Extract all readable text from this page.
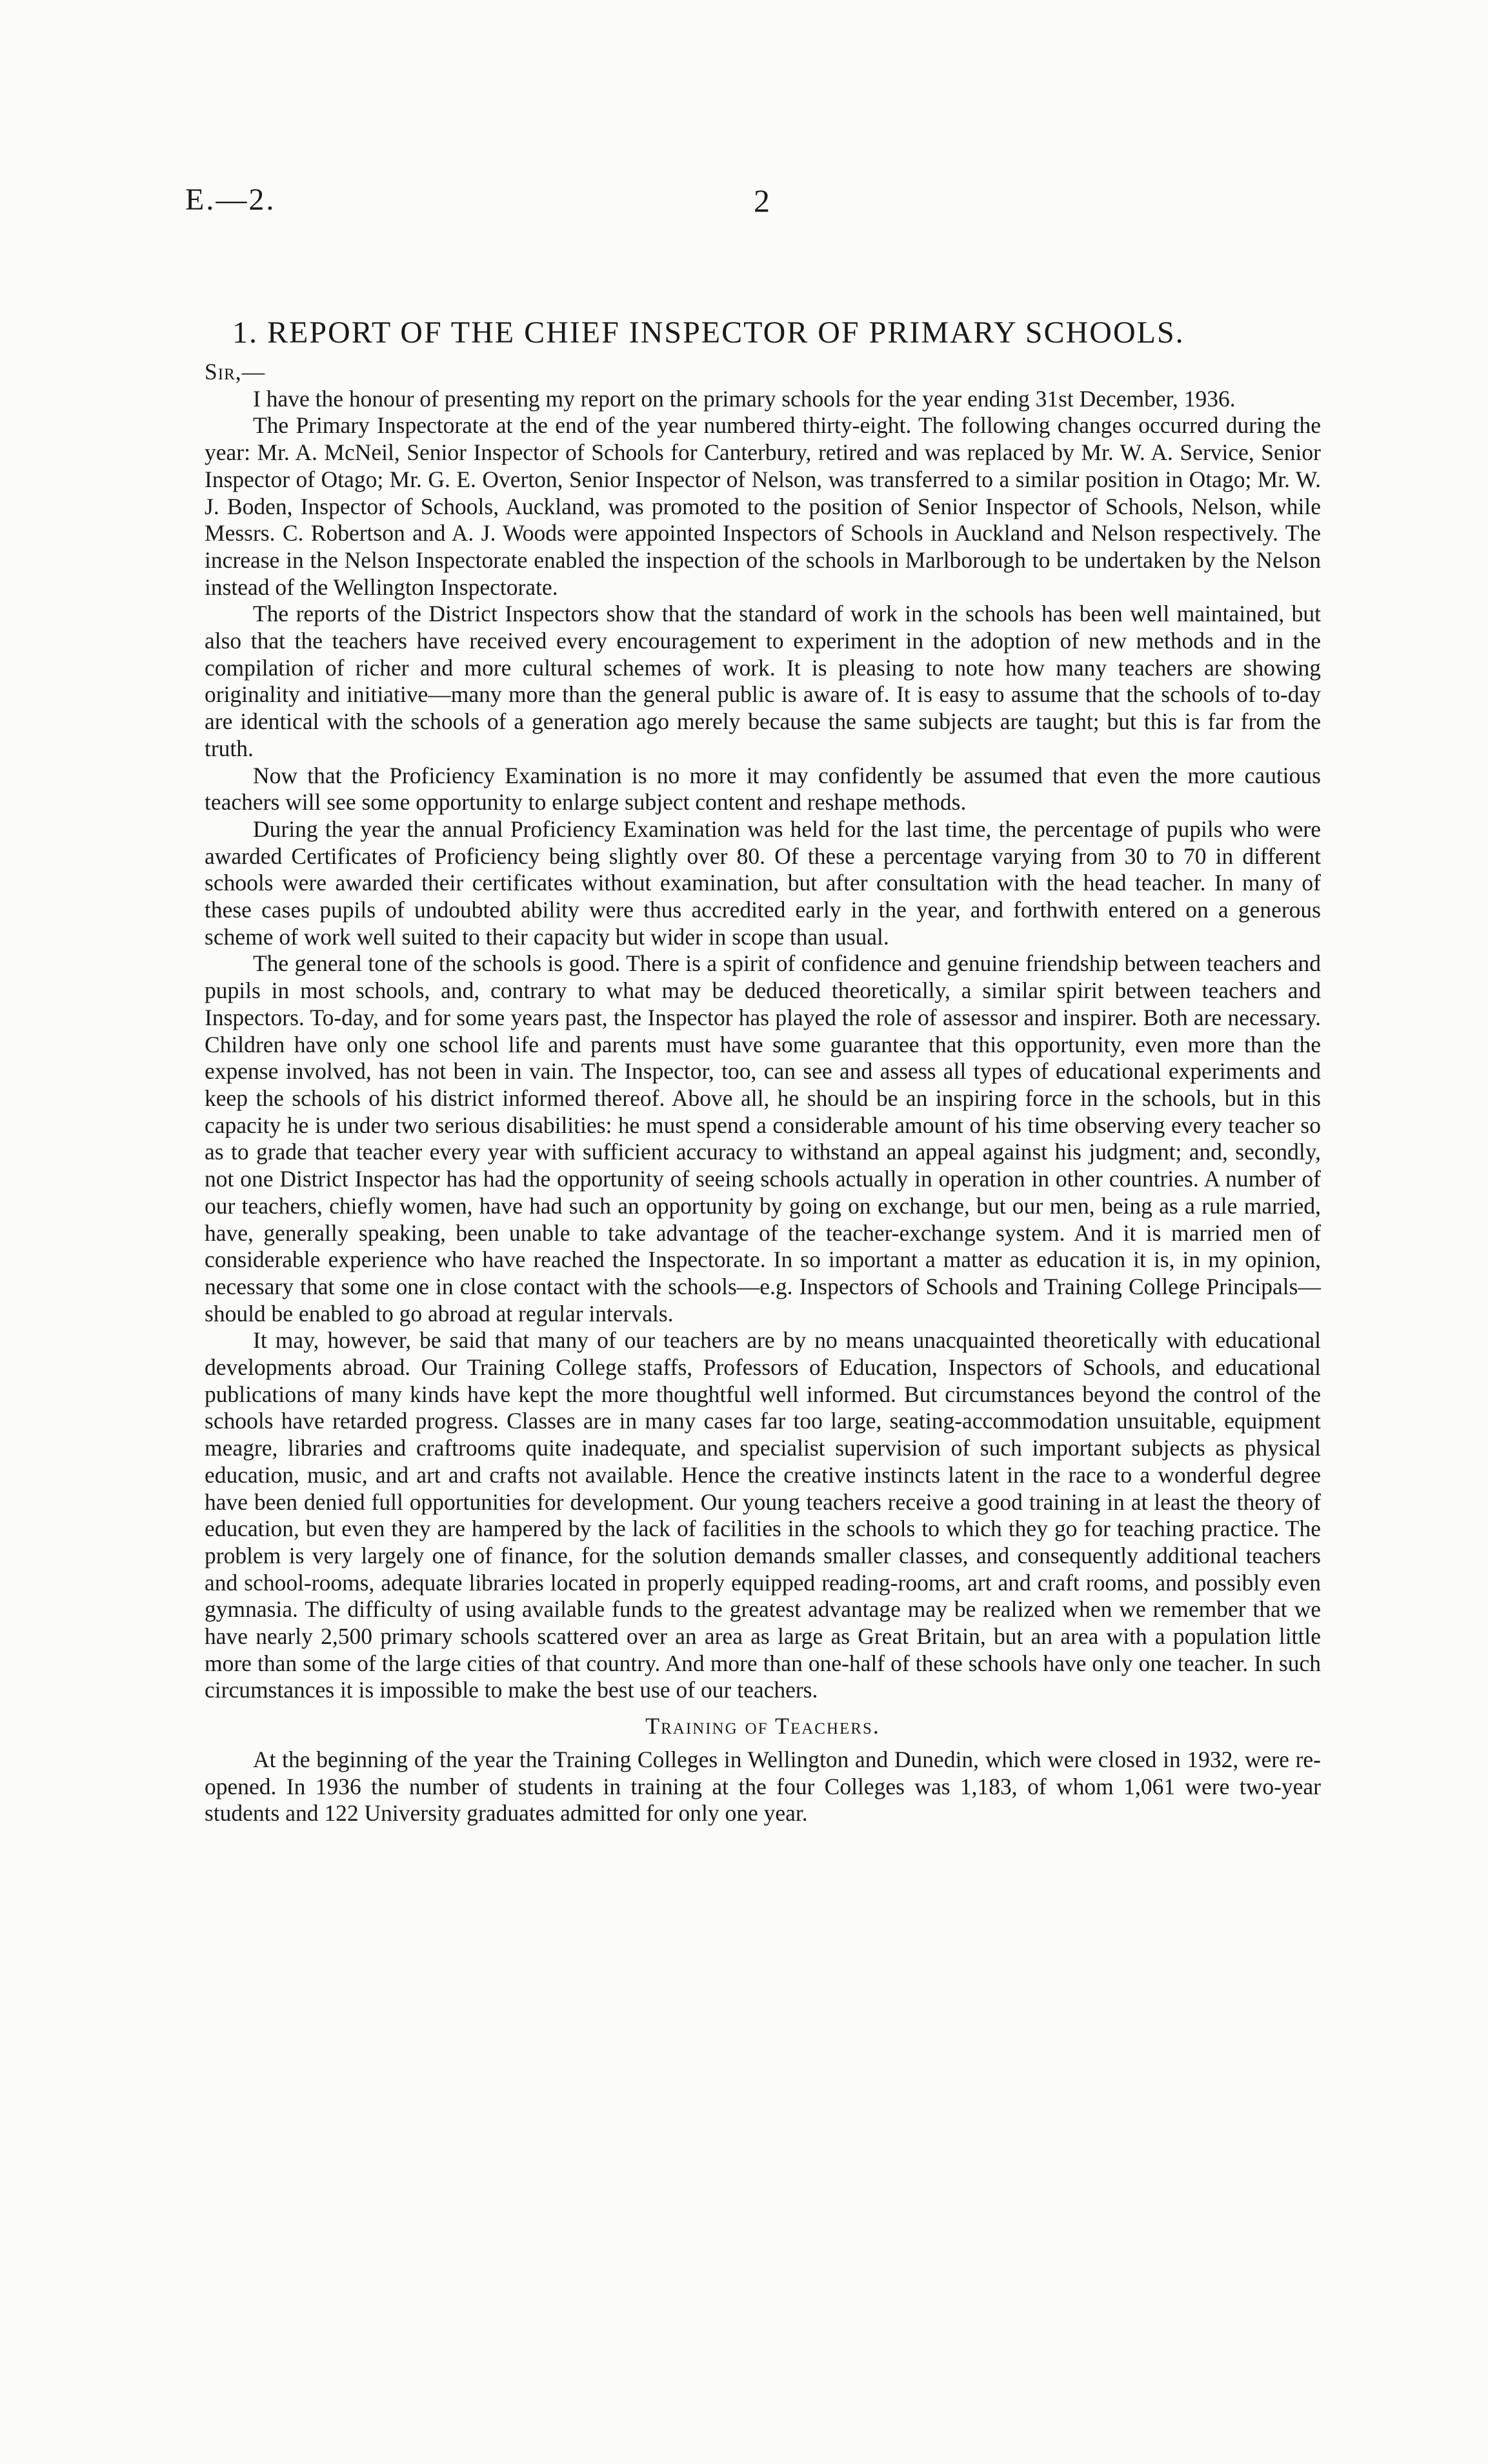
E.—2.	2
1. REPORT OF THE CHIEF INSPECTOR OF PRIMARY SCHOOLS.
Sir,—

I have the honour of presenting my report on the primary schools for the year ending 31st December, 1936.

The Primary Inspectorate at the end of the year numbered thirty-eight. The following changes occurred during the year: Mr. A. McNeil, Senior Inspector of Schools for Canterbury, retired and was replaced by Mr. W. A. Service, Senior Inspector of Otago; Mr. G. E. Overton, Senior Inspector of Nelson, was transferred to a similar position in Otago; Mr. W. J. Boden, Inspector of Schools, Auckland, was promoted to the position of Senior Inspector of Schools, Nelson, while Messrs. C. Robertson and A. J. Woods were appointed Inspectors of Schools in Auckland and Nelson respectively. The increase in the Nelson Inspectorate enabled the inspection of the schools in Marlborough to be undertaken by the Nelson instead of the Wellington Inspectorate.

The reports of the District Inspectors show that the standard of work in the schools has been well maintained, but also that the teachers have received every encouragement to experiment in the adoption of new methods and in the compilation of richer and more cultural schemes of work. It is pleasing to note how many teachers are showing originality and initiative—many more than the general public is aware of. It is easy to assume that the schools of to-day are identical with the schools of a generation ago merely because the same subjects are taught; but this is far from the truth.

Now that the Proficiency Examination is no more it may confidently be assumed that even the more cautious teachers will see some opportunity to enlarge subject content and reshape methods.

During the year the annual Proficiency Examination was held for the last time, the percentage of pupils who were awarded Certificates of Proficiency being slightly over 80. Of these a percentage varying from 30 to 70 in different schools were awarded their certificates without examination, but after consultation with the head teacher. In many of these cases pupils of undoubted ability were thus accredited early in the year, and forthwith entered on a generous scheme of work well suited to their capacity but wider in scope than usual.

The general tone of the schools is good. There is a spirit of confidence and genuine friendship between teachers and pupils in most schools, and, contrary to what may be deduced theoretically, a similar spirit between teachers and Inspectors. To-day, and for some years past, the Inspector has played the role of assessor and inspirer. Both are necessary. Children have only one school life and parents must have some guarantee that this opportunity, even more than the expense involved, has not been in vain. The Inspector, too, can see and assess all types of educational experiments and keep the schools of his district informed thereof. Above all, he should be an inspiring force in the schools, but in this capacity he is under two serious disabilities: he must spend a considerable amount of his time observing every teacher so as to grade that teacher every year with sufficient accuracy to withstand an appeal against his judgment; and, secondly, not one District Inspector has had the opportunity of seeing schools actually in operation in other countries. A number of our teachers, chiefly women, have had such an opportunity by going on exchange, but our men, being as a rule married, have, generally speaking, been unable to take advantage of the teacher-exchange system. And it is married men of considerable experience who have reached the Inspectorate. In so important a matter as education it is, in my opinion, necessary that some one in close contact with the schools—e.g. Inspectors of Schools and Training College Principals—should be enabled to go abroad at regular intervals.

It may, however, be said that many of our teachers are by no means unacquainted theoretically with educational developments abroad. Our Training College staffs, Professors of Education, Inspectors of Schools, and educational publications of many kinds have kept the more thoughtful well informed. But circumstances beyond the control of the schools have retarded progress. Classes are in many cases far too large, seating-accommodation unsuitable, equipment meagre, libraries and craftrooms quite inadequate, and specialist supervision of such important subjects as physical education, music, and art and crafts not available. Hence the creative instincts latent in the race to a wonderful degree have been denied full opportunities for development. Our young teachers receive a good training in at least the theory of education, but even they are hampered by the lack of facilities in the schools to which they go for teaching practice. The problem is very largely one of finance, for the solution demands smaller classes, and consequently additional teachers and school-rooms, adequate libraries located in properly equipped reading-rooms, art and craft rooms, and possibly even gymnasia. The difficulty of using available funds to the greatest advantage may be realized when we remember that we have nearly 2,500 primary schools scattered over an area as large as Great Britain, but an area with a population little more than some of the large cities of that country. And more than one-half of these schools have only one teacher. In such circumstances it is impossible to make the best use of our teachers.

Training of Teachers.

At the beginning of the year the Training Colleges in Wellington and Dunedin, which were closed in 1932, were re-opened. In 1936 the number of students in training at the four Colleges was 1,183, of whom 1,061 were two-year students and 122 University graduates admitted for only one year.
